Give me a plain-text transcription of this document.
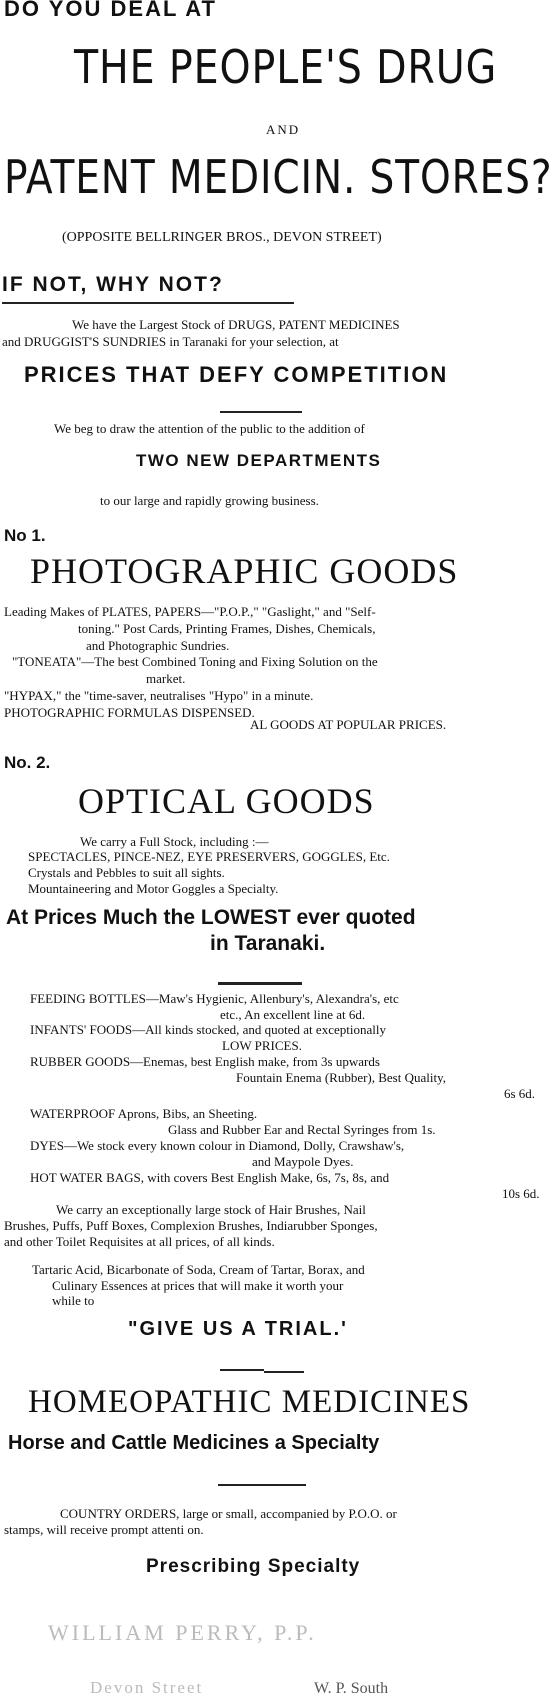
DO YOU DEAL AT
THE PEOPLE'S DRUG
AND
PATENT MEDICIN. STORES?
(OPPOSITE BELLRINGER BROS., DEVON STREET)
IF NOT, WHY NOT?
We have the Largest Stock of DRUGS, PATENT MEDICINES
and DRUGGIST'S SUNDRIES in Taranaki for your selection, at
PRICES THAT DEFY COMPETITION
We beg to draw the attention of the public to the addition of
TWO NEW DEPARTMENTS
to our large and rapidly growing business.
No 1.
PHOTOGRAPHIC GOODS
Leading Makes of PLATES, PAPERS—"P.O.P.," "Gaslight," and "Self-
toning." Post Cards, Printing Frames, Dishes, Chemicals,
and Photographic Sundries.
"TONEATA"—The best Combined Toning and Fixing Solution on the
market.
"HYPAX," the "time-saver, neutralises "Hypo" in a minute.
PHOTOGRAPHIC FORMULAS DISPENSED.
AL GOODS AT POPULAR PRICES.
No. 2.
OPTICAL GOODS
We carry a Full Stock, including :—
SPECTACLES, PINCE-NEZ, EYE PRESERVERS, GOGGLES, Etc.
Crystals and Pebbles to suit all sights.
Mountaineering and Motor Goggles a Specialty.
At Prices Much the LOWEST ever quoted
in Taranaki.
FEEDING BOTTLES—Maw's Hygienic, Allenbury's, Alexandra's, etc
etc., An excellent line at 6d.
INFANTS' FOODS—All kinds stocked, and quoted at exceptionally
LOW PRICES.
RUBBER GOODS—Enemas, best English make, from 3s upwards
Fountain Enema (Rubber), Best Quality,
6s 6d.
WATERPROOF Aprons, Bibs, an Sheeting.
Glass and Rubber Ear and Rectal Syringes from 1s.
DYES—We stock every known colour in Diamond, Dolly, Crawshaw's,
and Maypole Dyes.
HOT WATER BAGS, with covers Best English Make, 6s, 7s, 8s, and
10s 6d.
We carry an exceptionally large stock of Hair Brushes, Nail
Brushes, Puffs, Puff Boxes, Complexion Brushes, Indiarubber Sponges,
and other Toilet Requisites at all prices, of all kinds.
Tartaric Acid, Bicarbonate of Soda, Cream of Tartar, Borax, and
Culinary Essences at prices that will make it worth your
while to
"GIVE US A TRIAL.'
HOMEOPATHIC MEDICINES
Horse and Cattle Medicines a Specialty
COUNTRY ORDERS, large or small, accompanied by P.O.O. or
stamps, will receive prompt attenti on.
Prescribing Specialty
WILLIAM PERRY, P.P.
Devon Street	W. P. South
